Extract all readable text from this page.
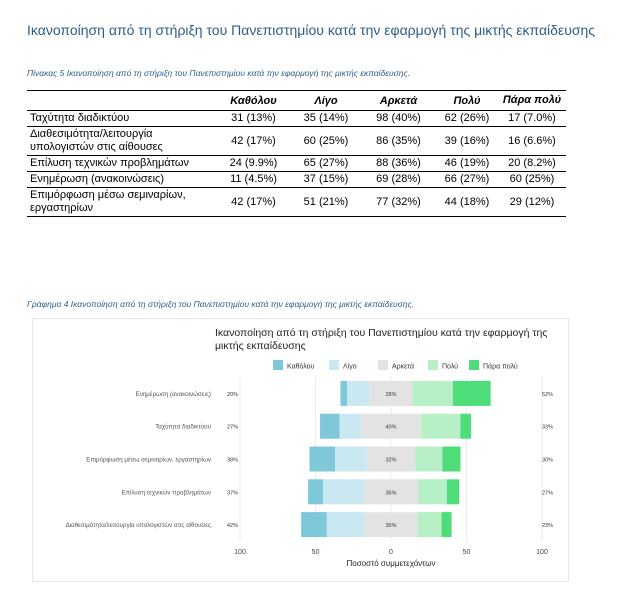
Ικανοποίηση από τη στήριξη του Πανεπιστημίου κατά την εφαρμογή της μικτής εκπαίδευσης
Πίνακας 5 Ικανοποίηση από τη στήριξη του Πανεπιστημίου κατά την εφαρμογή της μικτής εκπαίδευσης.
	Καθόλου	Λίγο	Αρκετά	Πολύ	Πάρα πολύ
Ταχύτητα διαδικτύου	31 (13%)	35 (14%)	98 (40%)	62 (26%)	17 (7.0%)
Διαθεσιμότητα/λειτουργία υπολογιστών στις αίθουσες	42 (17%)	60 (25%)	86 (35%)	39 (16%)	16 (6.6%)
Επίλυση τεχνικών προβλημάτων	24 (9.9%)	65 (27%)	88 (36%)	46 (19%)	20 (8.2%)
Ενημέρωση (ανακοινώσεις)	11 (4.5%)	37 (15%)	69 (28%)	66 (27%)	60 (25%)
Επιμόρφωση μέσω σεμιναρίων, εργαστηρίων	42 (17%)	51 (21%)	77 (32%)	44 (18%)	29 (12%)
Γράφημα 4 Ικανοποίηση από τη στήριξη του Πανεπιστημίου κατά την εφαρμογή της μικτής εκπαίδευσης.
Ικανοποίηση από τη στήριξη του Πανεπιστημίου κατά την εφαρμογή της
μικτής εκπαίδευσης
Καθόλου	Λίγο	Αρκετά	Πολύ	Πάρα πολύ
Ενημέρωση (ανακοινώσεις)	20%	28%	52%
Ταχύτητα διαδικτύου	27%	40%	33%
Επιμόρφωση μέσω σεμιναρίων, εργαστηρίων	38%	32%	30%
Επίλυση τεχνικών προβλημάτων	37%	36%	27%
Διαθεσιμότητα/λειτουργία υπολογιστών στις αίθουσες	42%	35%	23%
100	50	0	50	100
Ποσοστό συμμετεχόντων
